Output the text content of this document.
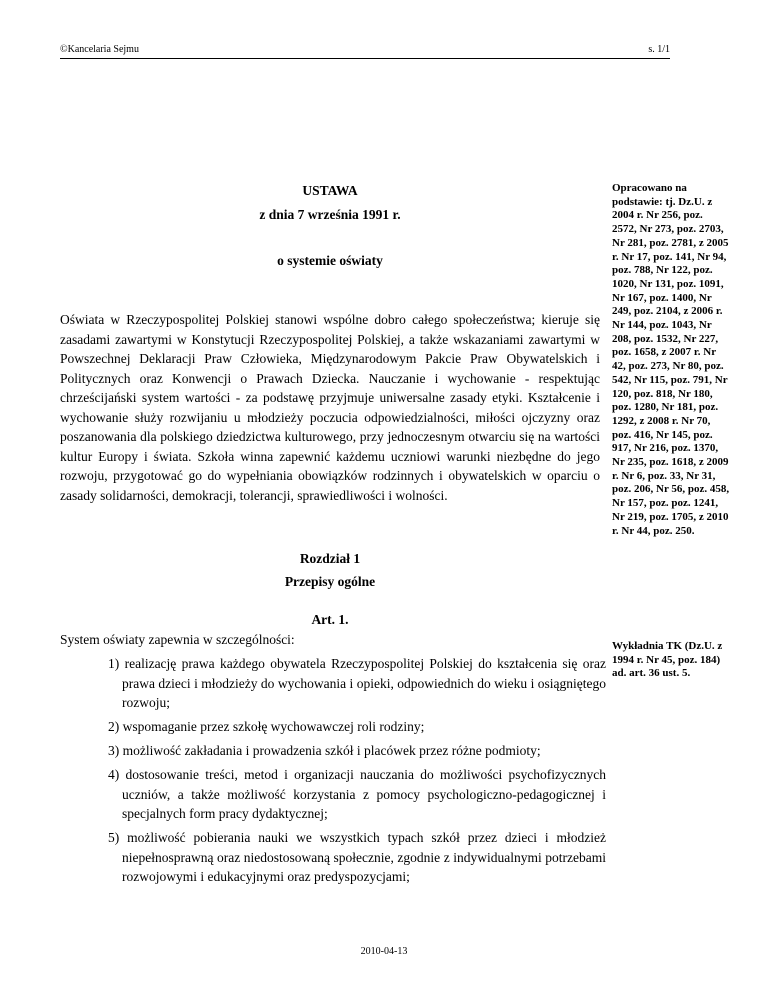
©Kancelaria Sejmu	s. 1/1
USTAWA
z dnia 7 września 1991 r.
o systemie oświaty
Oświata w Rzeczypospolitej Polskiej stanowi wspólne dobro całego społeczeństwa; kieruje się zasadami zawartymi w Konstytucji Rzeczypospolitej Polskiej, a także wskazaniami zawartymi w Powszechnej Deklaracji Praw Człowieka, Międzynarodowym Pakcie Praw Obywatelskich i Politycznych oraz Konwencji o Prawach Dziecka. Nauczanie i wychowanie - respektując chrześcijański system wartości - za podstawę przyjmuje uniwersalne zasady etyki. Kształcenie i wychowanie służy rozwijaniu u młodzieży poczucia odpowiedzialności, miłości ojczyzny oraz poszanowania dla polskiego dziedzictwa kulturowego, przy jednoczesnym otwarciu się na wartości kultur Europy i świata. Szkoła winna zapewnić każdemu uczniowi warunki niezbędne do jego rozwoju, przygotować go do wypełniania obowiązków rodzinnych i obywatelskich w oparciu o zasady solidarności, demokracji, tolerancji, sprawiedliwości i wolności.
Rozdział 1
Przepisy ogólne
Art. 1.
System oświaty zapewnia w szczególności:
1) realizację prawa każdego obywatela Rzeczypospolitej Polskiej do kształcenia się oraz prawa dzieci i młodzieży do wychowania i opieki, odpowiednich do wieku i osiągniętego rozwoju;
2) wspomaganie przez szkołę wychowawczej roli rodziny;
3) możliwość zakładania i prowadzenia szkół i placówek przez różne podmioty;
4) dostosowanie treści, metod i organizacji nauczania do możliwości psychofizycznych uczniów, a także możliwość korzystania z pomocy psychologiczno-pedagogicznej i specjalnych form pracy dydaktycznej;
5) możliwość pobierania nauki we wszystkich typach szkół przez dzieci i młodzież niepełnosprawną oraz niedostosowaną społecznie, zgodnie z indywidualnymi potrzebami rozwojowymi i edukacyjnymi oraz predyspozycjami;
Opracowano na podstawie: tj. Dz.U. z 2004 r. Nr 256, poz. 2572, Nr 273, poz. 2703, Nr 281, poz. 2781, z 2005 r. Nr 17, poz. 141, Nr 94, poz. 788, Nr 122, poz. 1020, Nr 131, poz. 1091, Nr 167, poz. 1400, Nr 249, poz. 2104, z 2006 r. Nr 144, poz. 1043, Nr 208, poz. 1532, Nr 227, poz. 1658, z 2007 r. Nr 42, poz. 273, Nr 80, poz. 542, Nr 115, poz. 791, Nr 120, poz. 818, Nr 180, poz. 1280, Nr 181, poz. 1292, z 2008 r. Nr 70, poz. 416, Nr 145, poz. 917, Nr 216, poz. 1370, Nr 235, poz. 1618, z 2009 r. Nr 6, poz. 33, Nr 31, poz. 206, Nr 56, poz. 458, Nr 157, poz. poz. 1241, Nr 219, poz. 1705, z 2010 r. Nr 44, poz. 250.
Wykładnia TK (Dz.U. z 1994 r. Nr 45, poz. 184) ad. art. 36 ust. 5.
2010-04-13
